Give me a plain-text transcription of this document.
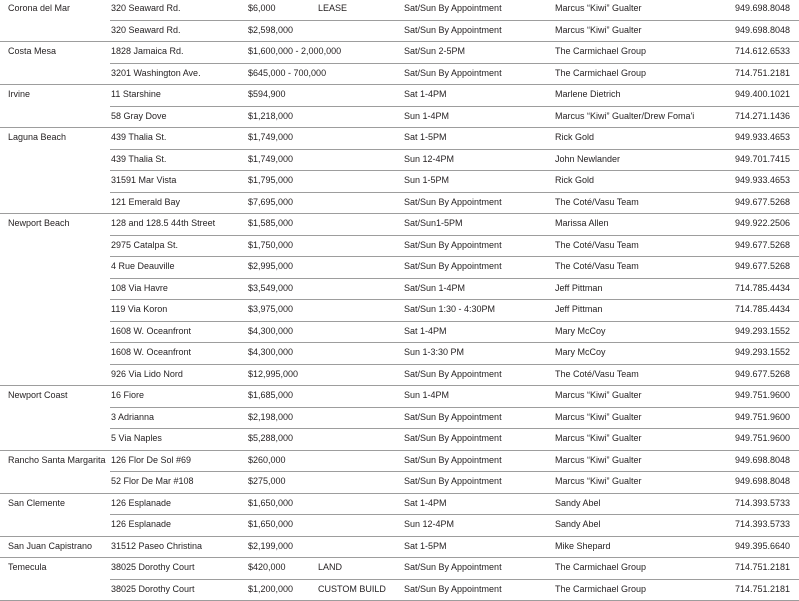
Corona del Mar	320 Seaward Rd.	$6,000	LEASE	Sat/Sun By Appointment	Marcus “Kiwi” Gualter	949.698.8048

	320 Seaward Rd.	$2,598,000		Sat/Sun By Appointment	Marcus “Kiwi” Gualter	949.698.8048

Costa Mesa	1828 Jamaica Rd.	$1,600,000 - 2,000,000		Sat/Sun 2-5PM	The Carmichael Group	714.612.6533

	3201 Washington Ave.	$645,000 - 700,000		Sat/Sun By Appointment	The Carmichael Group	714.751.2181

Irvine	11 Starshine	$594,900		Sat 1-4PM	Marlene Dietrich	949.400.1021

	58 Gray Dove	$1,218,000		Sun 1-4PM	Marcus “Kiwi” Gualter/Drew Foma'i	714.271.1436

Laguna Beach	439 Thalia St.	$1,749,000		Sat 1-5PM	Rick Gold	949.933.4653

	439 Thalia St.	$1,749,000		Sun 12-4PM	John Newlander	949.701.7415

	31591 Mar Vista	$1,795,000		Sun 1-5PM	Rick Gold	949.933.4653

	121 Emerald Bay	$7,695,000		Sat/Sun By Appointment	The Coté/Vasu Team	949.677.5268

Newport Beach	128 and 128.5 44th Street	$1,585,000		Sat/Sun1-5PM	Marissa Allen	949.922.2506

	2975 Catalpa St.	$1,750,000		Sat/Sun By Appointment	The Coté/Vasu Team	949.677.5268

	4 Rue Deauville	$2,995,000		Sat/Sun By Appointment	The Coté/Vasu Team	949.677.5268

	108 Via Havre	$3,549,000		Sat/Sun 1-4PM	Jeff Pittman	714.785.4434

	119 Via Koron	$3,975,000		Sat/Sun 1:30 - 4:30PM	Jeff Pittman	714.785.4434

	1608 W. Oceanfront	$4,300,000		Sat 1-4PM	Mary McCoy	949.293.1552

	1608 W. Oceanfront	$4,300,000		Sun 1-3:30 PM	Mary McCoy	949.293.1552

	926 Via Lido Nord	$12,995,000		Sat/Sun By Appointment	The Coté/Vasu Team	949.677.5268

Newport Coast	16 Fiore	$1,685,000		Sun 1-4PM	Marcus “Kiwi” Gualter	949.751.9600

	3 Adrianna	$2,198,000		Sat/Sun By Appointment	Marcus “Kiwi” Gualter	949.751.9600

	5 Via Naples	$5,288,000		Sat/Sun By Appointment	Marcus “Kiwi” Gualter	949.751.9600

Rancho Santa Margarita	126 Flor De Sol #69	$260,000		Sat/Sun By Appointment	Marcus “Kiwi” Gualter	949.698.8048

	52 Flor De Mar #108	$275,000		Sat/Sun By Appointment	Marcus “Kiwi” Gualter	949.698.8048

San Clemente	126 Esplanade	$1,650,000		Sat 1-4PM	Sandy Abel	714.393.5733

	126 Esplanade	$1,650,000		Sun 12-4PM	Sandy Abel	714.393.5733

San Juan Capistrano	31512 Paseo Christina	$2,199,000		Sat 1-5PM	Mike Shepard	949.395.6640

Temecula	38025 Dorothy Court	$420,000	LAND	Sat/Sun By Appointment	The Carmichael Group	714.751.2181

	38025 Dorothy Court	$1,200,000	CUSTOM BUILD	Sat/Sun By Appointment	The Carmichael Group	714.751.2181
